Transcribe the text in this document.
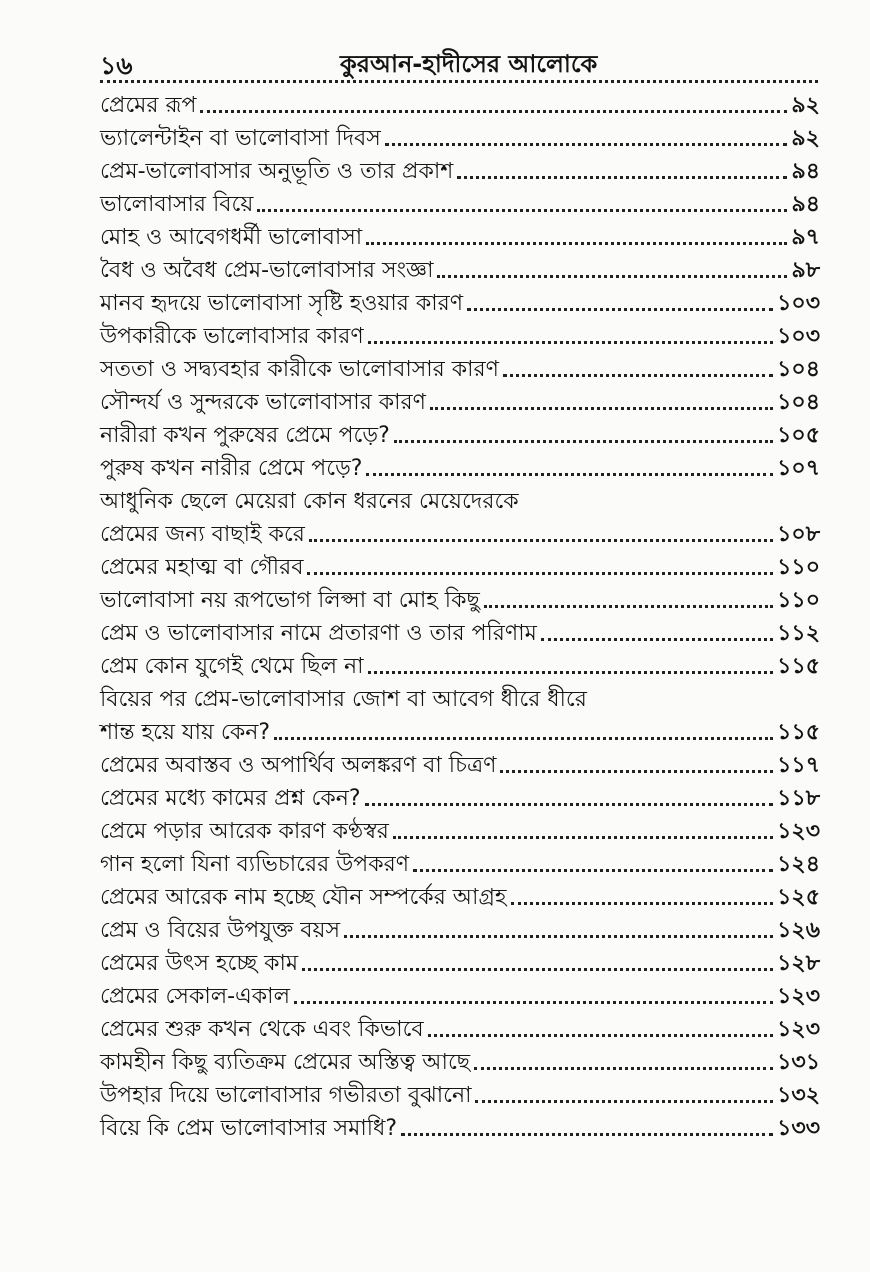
১৬	কুরআন-হাদীসের আলোকে
প্রেমের রূপ	৯২
ভ্যালেন্টাইন বা ভালোবাসা দিবস	৯২
প্রেম-ভালোবাসার অনুভূতি ও তার প্রকাশ	৯৪
ভালোবাসার বিয়ে	৯৪
মোহ ও আবেগধর্মী ভালোবাসা	৯৭
বৈধ ও অবৈধ প্রেম-ভালোবাসার সংজ্ঞা	৯৮
মানব হৃদয়ে ভালোবাসা সৃষ্টি হওয়ার কারণ	১০৩
উপকারীকে ভালোবাসার কারণ	১০৩
সততা ও সদ্ব্যবহার কারীকে ভালোবাসার কারণ	১০৪
সৌন্দর্য ও সুন্দরকে ভালোবাসার কারণ	১০৪
নারীরা কখন পুরুষের প্রেমে পড়ে?	১০৫
পুরুষ কখন নারীর প্রেমে পড়ে?	১০৭
আধুনিক ছেলে মেয়েরা কোন ধরনের মেয়েদেরকে
প্রেমের জন্য বাছাই করে	১০৮
প্রেমের মহাত্ম বা গৌরব	১১০
ভালোবাসা নয় রূপভোগ লিপ্সা বা মোহ কিছু	১১০
প্রেম ও ভালোবাসার নামে প্রতারণা ও তার পরিণাম	১১২
প্রেম কোন যুগেই থেমে ছিল না	১১৫
বিয়ের পর প্রেম-ভালোবাসার জোশ বা আবেগ ধীরে ধীরে
শান্ত হয়ে যায় কেন?	১১৫
প্রেমের অবাস্তব ও অপার্থিব অলঙ্করণ বা চিত্রণ	১১৭
প্রেমের মধ্যে কামের প্রশ্ন কেন?	১১৮
প্রেমে পড়ার আরেক কারণ কণ্ঠস্বর	১২৩
গান হলো যিনা ব্যভিচারের উপকরণ	১২৪
প্রেমের আরেক নাম হচ্ছে যৌন সম্পর্কের আগ্রহ	১২৫
প্রেম ও বিয়ের উপযুক্ত বয়স	১২৬
প্রেমের উৎস হচ্ছে কাম	১২৮
প্রেমের সেকাল-একাল	১২৩
প্রেমের শুরু কখন থেকে এবং কিভাবে	১২৩
কামহীন কিছু ব্যতিক্রম প্রেমের অস্তিত্ব আছে	১৩১
উপহার দিয়ে ভালোবাসার গভীরতা বুঝানো	১৩২
বিয়ে কি প্রেম ভালোবাসার সমাধি?	১৩৩
